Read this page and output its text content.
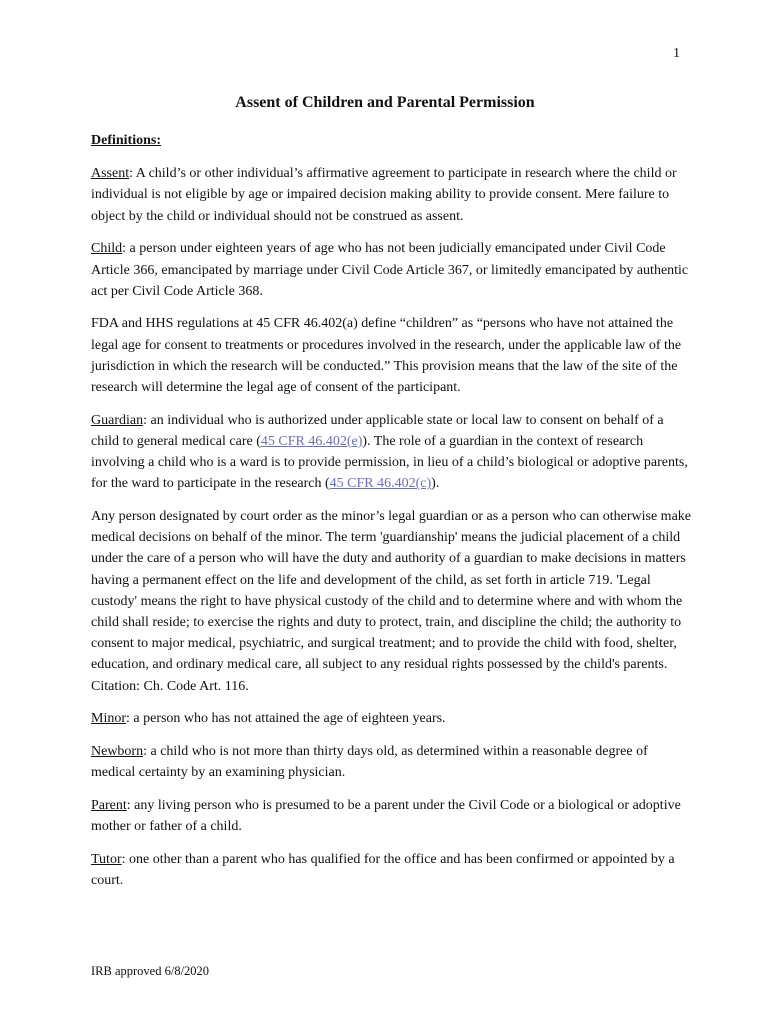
1
Assent of Children and Parental Permission

Definitions:

Assent: A child’s or other individual’s affirmative agreement to participate in research where the child or individual is not eligible by age or impaired decision making ability to provide consent. Mere failure to object by the child or individual should not be construed as assent.

Child: a person under eighteen years of age who has not been judicially emancipated under Civil Code Article 366, emancipated by marriage under Civil Code Article 367, or limitedly emancipated by authentic act per Civil Code Article 368.

FDA and HHS regulations at 45 CFR 46.402(a) define “children” as “persons who have not attained the legal age for consent to treatments or procedures involved in the research, under the applicable law of the jurisdiction in which the research will be conducted.” This provision means that the law of the site of the research will determine the legal age of consent of the participant.

Guardian: an individual who is authorized under applicable state or local law to consent on behalf of a child to general medical care (45 CFR 46.402(e)). The role of a guardian in the context of research involving a child who is a ward is to provide permission, in lieu of a child’s biological or adoptive parents, for the ward to participate in the research (45 CFR 46.402(c)).

Any person designated by court order as the minor’s legal guardian or as a person who can otherwise make medical decisions on behalf of the minor. The term 'guardianship' means the judicial placement of a child under the care of a person who will have the duty and authority of a guardian to make decisions in matters having a permanent effect on the life and development of the child, as set forth in article 719. 'Legal custody' means the right to have physical custody of the child and to determine where and with whom the child shall reside; to exercise the rights and duty to protect, train, and discipline the child; the authority to consent to major medical, psychiatric, and surgical treatment; and to provide the child with food, shelter, education, and ordinary medical care, all subject to any residual rights possessed by the child's parents. Citation: Ch. Code Art. 116.

Minor: a person who has not attained the age of eighteen years.

Newborn: a child who is not more than thirty days old, as determined within a reasonable degree of medical certainty by an examining physician.

Parent: any living person who is presumed to be a parent under the Civil Code or a biological or adoptive mother or father of a child.

Tutor: one other than a parent who has qualified for the office and has been confirmed or appointed by a court.

IRB approved 6/8/2020
